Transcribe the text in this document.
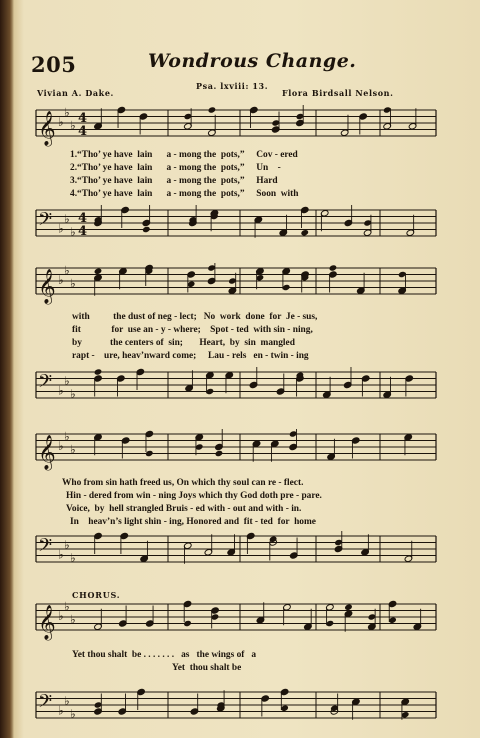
205	Wondrous Change.
Psa. lxviii: 13.
Vivian A. Dake.	Flora Birdsall Nelson.
𝄞 ♭
♭
♭ 4
4
1.“Tho’ ye have  lain      a - mong the  pots,”     Cov - ered
2.“Tho’ ye have  lain      a - mong the  pots,”     Un    -
3.“Tho’ ye have  lain      a - mong the  pots,”     Hard
4.“Tho’ ye have  lain      a - mong the  pots,”     Soon  with
𝄢 ♭
♭
♭
4
4
𝄞 ♭
♭
♭
with          the dust of neg - lect;   No  work  done  for  Je - sus,
fit             for  use an - y - where;    Spot - ted  with sin - ning,
by            the centers of  sin;       Heart,  by  sin  mangled
rapt -    ure, heav’nward come;     Lau - rels   en - twin - ing
𝄢 ♭
♭
♭
𝄞 ♭
♭
♭
Who from sin hath freed us, On which thy soul can re - flect.
Hin - dered from win - ning Joys which thy God doth pre - pare.
Voice,  by  hell strangled Bruis - ed with - out and with - in.
In    heav’n’s light shin - ing, Honored and  fit - ted  for  home
𝄢 ♭
♭
♭
CHORUS.
𝄞 ♭
♭
♭
Yet thou shalt  be . . . . . . .   as   the wings of   a
Yet  thou shalt be
𝄢 ♭
♭
♭
